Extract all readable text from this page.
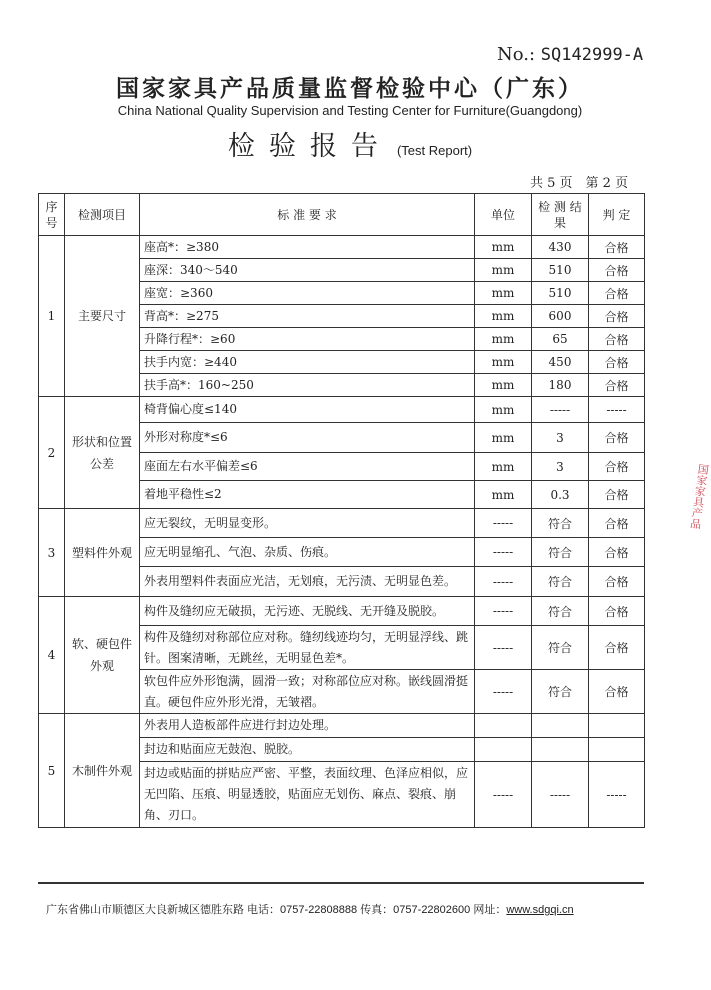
No.: SQ142999-A
国家家具产品质量监督检验中心（广东）
China National Quality Supervision and Testing Center for Furniture(Guangdong)
检验报告 (Test Report)
共 5 页　第 2 页
序号	检测项目	标 准 要 求	单位	检 测 结 果	判 定
1	主要尺寸	座高*：≥380	mm	430	合格
		座深：340～540	mm	510	合格
		座宽：≥360	mm	510	合格
		背高*：≥275	mm	600	合格
		升降行程*：≥60	mm	65	合格
		扶手内宽：≥440	mm	450	合格
		扶手高*：160~250	mm	180	合格
2	形状和位置公差	椅背偏心度≤140	mm	-----	-----
		外形对称度*≤6	mm	3	合格
		座面左右水平偏差≤6	mm	3	合格
		着地平稳性≤2	mm	0.3	合格
3	塑料件外观	应无裂纹，无明显变形。	-----	符合	合格
		应无明显缩孔、气泡、杂质、伤痕。	-----	符合	合格
		外表用塑料件表面应光洁，无划痕，无污渍、无明显色差。	-----	符合	合格
4	软、硬包件外观	构件及缝纫应无破损，无污迹、无脱线、无开缝及脱胶。	-----	符合	合格
		构件及缝纫对称部位应对称。缝纫线迹均匀，无明显浮线、跳针。图案清晰，无跳丝，无明显色差*。	-----	符合	合格
		软包件应外形饱满，圆滑一致；对称部位应对称。嵌线圆滑挺直。硬包件应外形光滑，无皱褶。	-----	符合	合格
5	木制件外观	外表用人造板部件应进行封边处理。			
		封边和贴面应无鼓泡、脱胶。			
		封边或贴面的拼贴应严密、平整，表面纹理、色泽应相似，应无凹陷、压痕、明显透胶，贴面应无划伤、麻点、裂痕、崩角、刃口。	-----	-----	-----
国家家具产品
广东省佛山市顺德区大良新城区德胜东路 电话：0757-22808888 传真：0757-22802600 网址：www.sdgqi.cn
